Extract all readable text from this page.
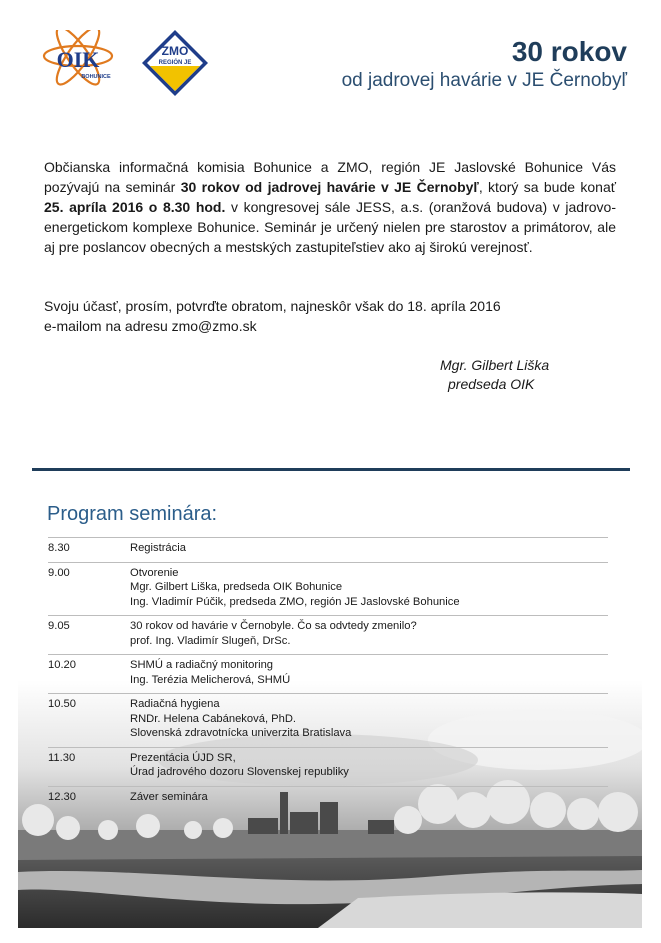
OIK
BOHUNICE
ZMO
REGIÓN JE	30 rokov
od jadrovej havárie v JE Černobyľ
Občianska informačná komisia Bohunice a ZMO, región JE Jaslovské Bohunice Vás pozývajú na seminár 30 rokov od jadrovej havárie v JE Černobyľ, ktorý sa bude konať 25. apríla 2016 o 8.30 hod. v kongresovej sále JESS, a.s. (oranžová budova) v jadrovo-energetickom komplexe Bohunice. Seminár je určený nielen pre starostov a primátorov, ale aj pre poslancov obecných a mestských zastupiteľstiev ako aj širokú verejnosť.
Svoju účasť, prosím, potvrďte obratom, najneskôr však do 18. apríla 2016
e-mailom na adresu zmo@zmo.sk
Mgr. Gilbert Liška
predseda OIK
Program seminára:
8.30	Registrácia
9.00	Otvorenie
Mgr. Gilbert Liška, predseda OIK Bohunice
Ing. Vladimír Púčik, predseda ZMO, región JE Jaslovské Bohunice
9.05	30 rokov od havárie v Černobyle. Čo sa odvtedy zmenilo?
prof. Ing. Vladimír Slugeň, DrSc.
10.20	SHMÚ a radiačný monitoring
Ing. Terézia Melicherová, SHMÚ
10.50	Radiačná hygiena
RNDr. Helena Cabáneková, PhD.
Slovenská zdravotnícka univerzita Bratislava
11.30	Prezentácia ÚJD SR,
Úrad jadrového dozoru Slovenskej republiky
12.30	Záver seminára
